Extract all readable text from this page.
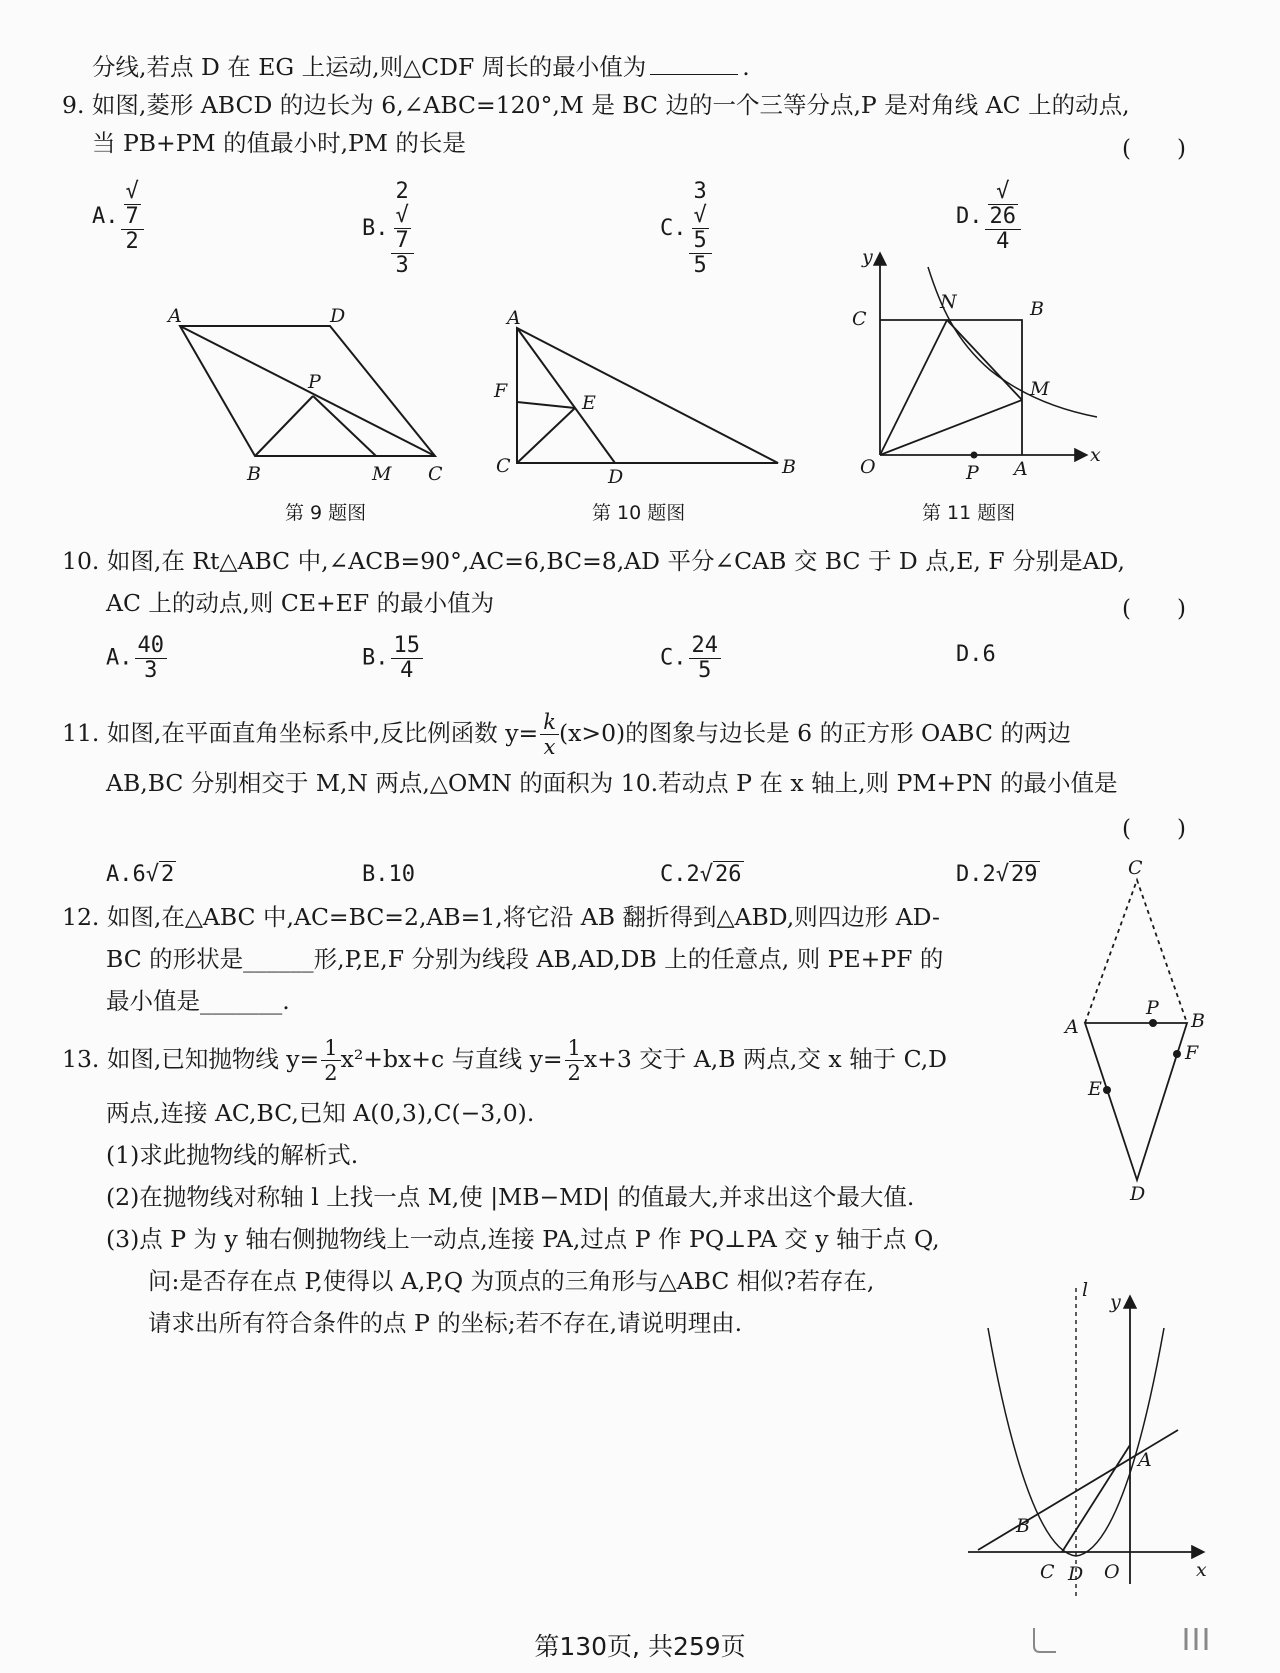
分线,若点 D 在 EG 上运动,则△CDF 周长的最小值为	.
9. 如图,菱形 ABCD 的边长为 6,∠ABC=120°,M 是 BC 边的一个三等分点,P 是对角线 AC 上的动点,
当 PB+PM 的值最小时,PM 的长是	(　　)
A. √
7
2	B. 2
√
7
3	C. 3
√
5
5	D. √
26
4
A	D
P
B	M C
第 9 题图
A
F
E
C	D	B
第 10 题图
y
C
N	B
M
O	P A
x
第 11 题图
10. 如图,在 Rt△ABC 中,∠ACB=90°,AC=6,BC=8,AD 平分∠CAB 交 BC 于 D 点,E, F 分别是AD,
AC 上的动点,则 CE+EF 的最小值为	(　　)
A. $\frac{40}{3}$	B. $\frac{15}{4}$	C. $\frac{24}{5}$	D.6
11. 如图,在平面直角坐标系中,反比例函数 $y= \frac{k}{x} (x>0)$的图象与边长是 6 的正方形 OABC 的两边
AB,BC 分别相交于 M,N 两点,△OMN 的面积为 10.若动点 P 在 x 轴上,则 PM+PN 的最小值是
(　　)
A.6√2	B.10	C.2√26	D.2√29
12. 如图,在△ABC 中,AC=BC=2,AB=1,将它沿 AB 翻折得到△ABD,则四边形 AD-
BC 的形状是______形,P,E,F 分别为线段 AB,AD,DB 上的任意点, 则 PE+PF 的
最小值是_______.
C
A
P
B
F
E
D
13. 如图,已知抛物线 $y= \frac{1}{2} x^2+bx+c$ 与直线 $y= \frac{1}{2} x+3$ 交于 A,B 两点,交 x 轴于 C,D
两点,连接 AC,BC,已知 A(0,3),C(−3,0).
(1)求此抛物线的解析式.
(2)在抛物线对称轴 l 上找一点 M,使 |MB−MD| 的值最大,并求出这个最大值.
(3)点 P 为 y 轴右侧抛物线上一动点,连接 PA,过点 P 作 PQ⊥PA 交 y 轴于点 Q,
问:是否存在点 P,使得以 A,P,Q 为顶点的三角形与△ABC 相似?若存在,
请求出所有符合条件的点 P 的坐标;若不存在,请说明理由.
l
y
A
B
C D O	x
第130页, 共259页
